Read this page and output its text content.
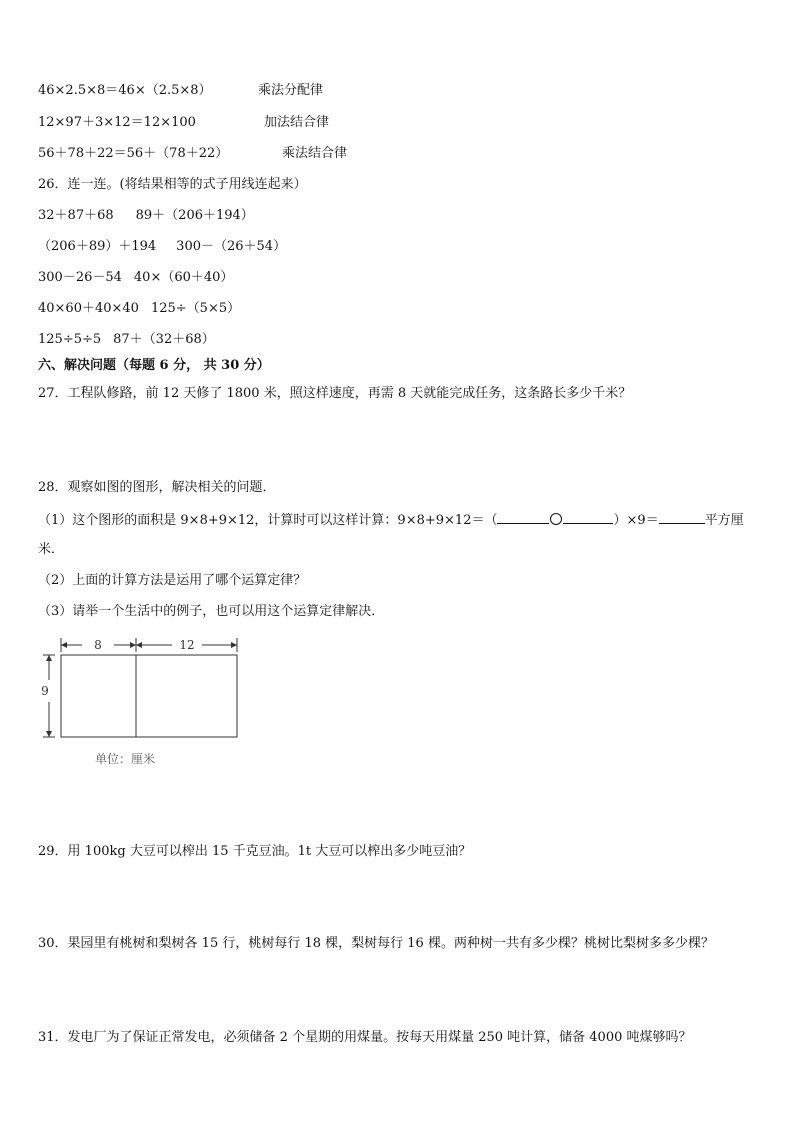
46×2.5×8＝46×（2.5×8）	乘法分配律
12×97＋3×12＝12×100	加法结合律
56＋78＋22＝56＋（78＋22）	乘法结合律
26．连一连。(将结果相等的式子用线连起来）
32＋87＋68 89＋（206＋194）
（206＋89）＋194 300－（26＋54）
300－26－54 40×（60＋40）
40×60＋40×40 125÷（5×5）
125÷5÷5 87＋（32＋68）
六、解决问题（每题 6 分， 共 30 分）
27．工程队修路，前 12 天修了 1800 米，照这样速度，再需 8 天就能完成任务，这条路长多少千米？
28．观察如图的图形，解决相关的问题．
（1）这个图形的面积是 9×8+9×12，计算时可以这样计算：9×8+9×12＝（	）×9＝	平方厘
米．
（2）上面的计算方法是运用了哪个运算定律？
（3）请举一个生活中的例子，也可以用这个运算定律解决．
8	12
9
单位：厘米
29．用 100kg 大豆可以榨出 15 千克豆油。1t 大豆可以榨出多少吨豆油？
30．果园里有桃树和梨树各 15 行，桃树每行 18 棵，梨树每行 16 棵。两种树一共有多少棵？桃树比梨树多多少棵？
31．发电厂为了保证正常发电，必须储备 2 个星期的用煤量。按每天用煤量 250 吨计算，储备 4000 吨煤够吗？
